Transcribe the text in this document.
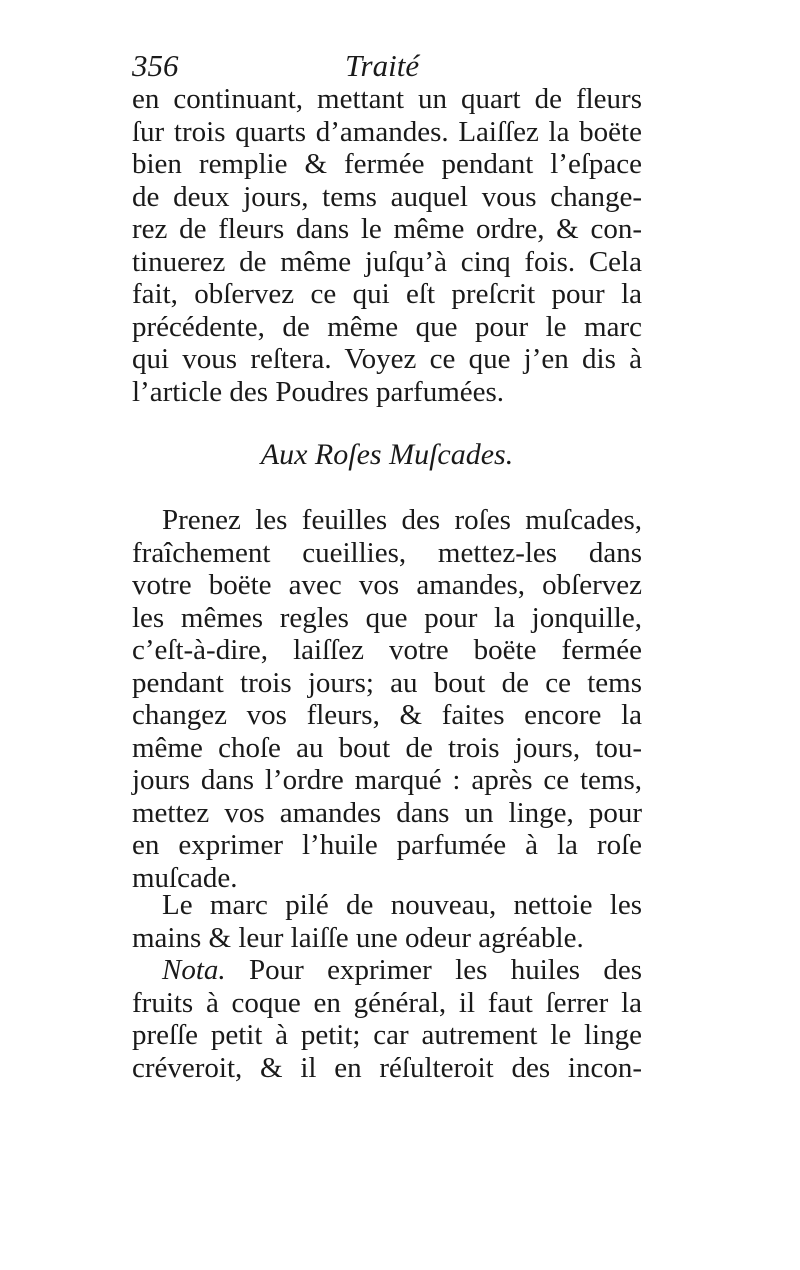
356	Traité
en continuant, mettant un quart de fleurs
ſur trois quarts d’amandes. Laiſſez la boëte
bien remplie & fermée pendant l’eſpace
de deux jours, tems auquel vous change-
rez de fleurs dans le même ordre, & con-
tinuerez de même juſqu’à cinq fois. Cela
fait, obſervez ce qui eſt preſcrit pour la
précédente, de même que pour le marc
qui vous reſtera. Voyez ce que j’en dis à
l’article des Poudres parfumées.
Aux Roſes Muſcades.
Prenez les feuilles des roſes muſcades,
fraîchement cueillies, mettez-les dans
votre boëte avec vos amandes, obſervez
les mêmes regles que pour la jonquille,
c’eſt-à-dire, laiſſez votre boëte fermée
pendant trois jours; au bout de ce tems
changez vos fleurs, & faites encore la
même choſe au bout de trois jours, tou-
jours dans l’ordre marqué : après ce tems,
mettez vos amandes dans un linge, pour
en exprimer l’huile parfumée à la roſe
muſcade.
Le marc pilé de nouveau, nettoie les
mains & leur laiſſe une odeur agréable.
Nota. Pour exprimer les huiles des
fruits à coque en général, il faut ſerrer la
preſſe petit à petit; car autrement le linge
créveroit, & il en réſulteroit des incon-
